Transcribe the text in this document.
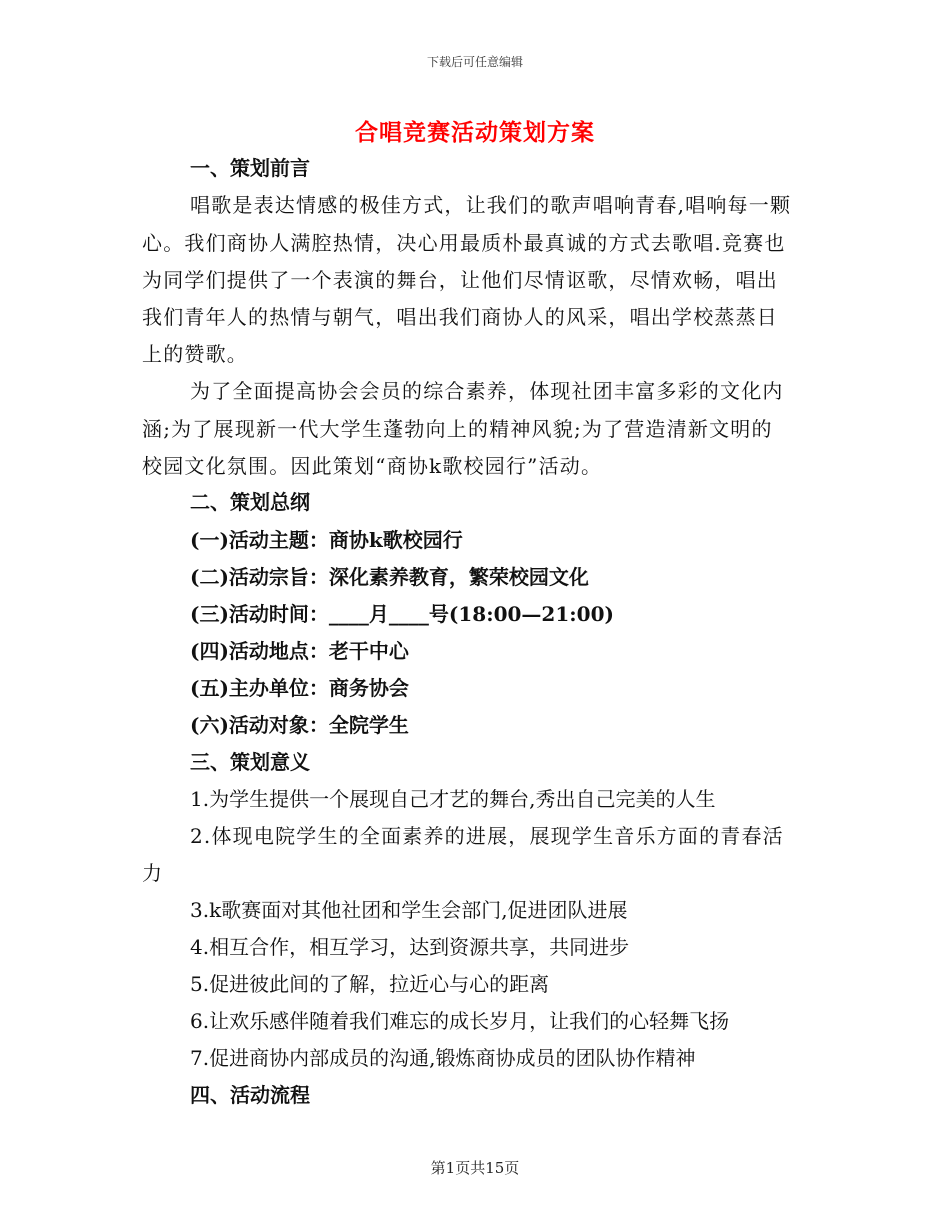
下载后可任意编辑
合唱竞赛活动策划方案
一、策划前言
唱歌是表达情感的极佳方式，让我们的歌声唱响青春,唱响每一颗
心。我们商协人满腔热情，决心用最质朴最真诚的方式去歌唱.竞赛也
为同学们提供了一个表演的舞台，让他们尽情讴歌，尽情欢畅，唱出
我们青年人的热情与朝气，唱出我们商协人的风采，唱出学校蒸蒸日
上的赞歌。
为了全面提高协会会员的综合素养，体现社团丰富多彩的文化内
涵;为了展现新一代大学生蓬勃向上的精神风貌;为了营造清新文明的
校园文化氛围。因此策划“商协k歌校园行”活动。
二、策划总纲
(一)活动主题：商协k歌校园行
(二)活动宗旨：深化素养教育，繁荣校园文化
(三)活动时间：____月____号(18:00—21:00)
(四)活动地点：老干中心
(五)主办单位：商务协会
(六)活动对象：全院学生
三、策划意义
1.为学生提供一个展现自己才艺的舞台,秀出自己完美的人生
2.体现电院学生的全面素养的进展，展现学生音乐方面的青春活
力
3.k歌赛面对其他社团和学生会部门,促进团队进展
4.相互合作，相互学习，达到资源共享，共同进步
5.促进彼此间的了解，拉近心与心的距离
6.让欢乐感伴随着我们难忘的成长岁月，让我们的心轻舞飞扬
7.促进商协内部成员的沟通,锻炼商协成员的团队协作精神
四、活动流程
第1页共15页
